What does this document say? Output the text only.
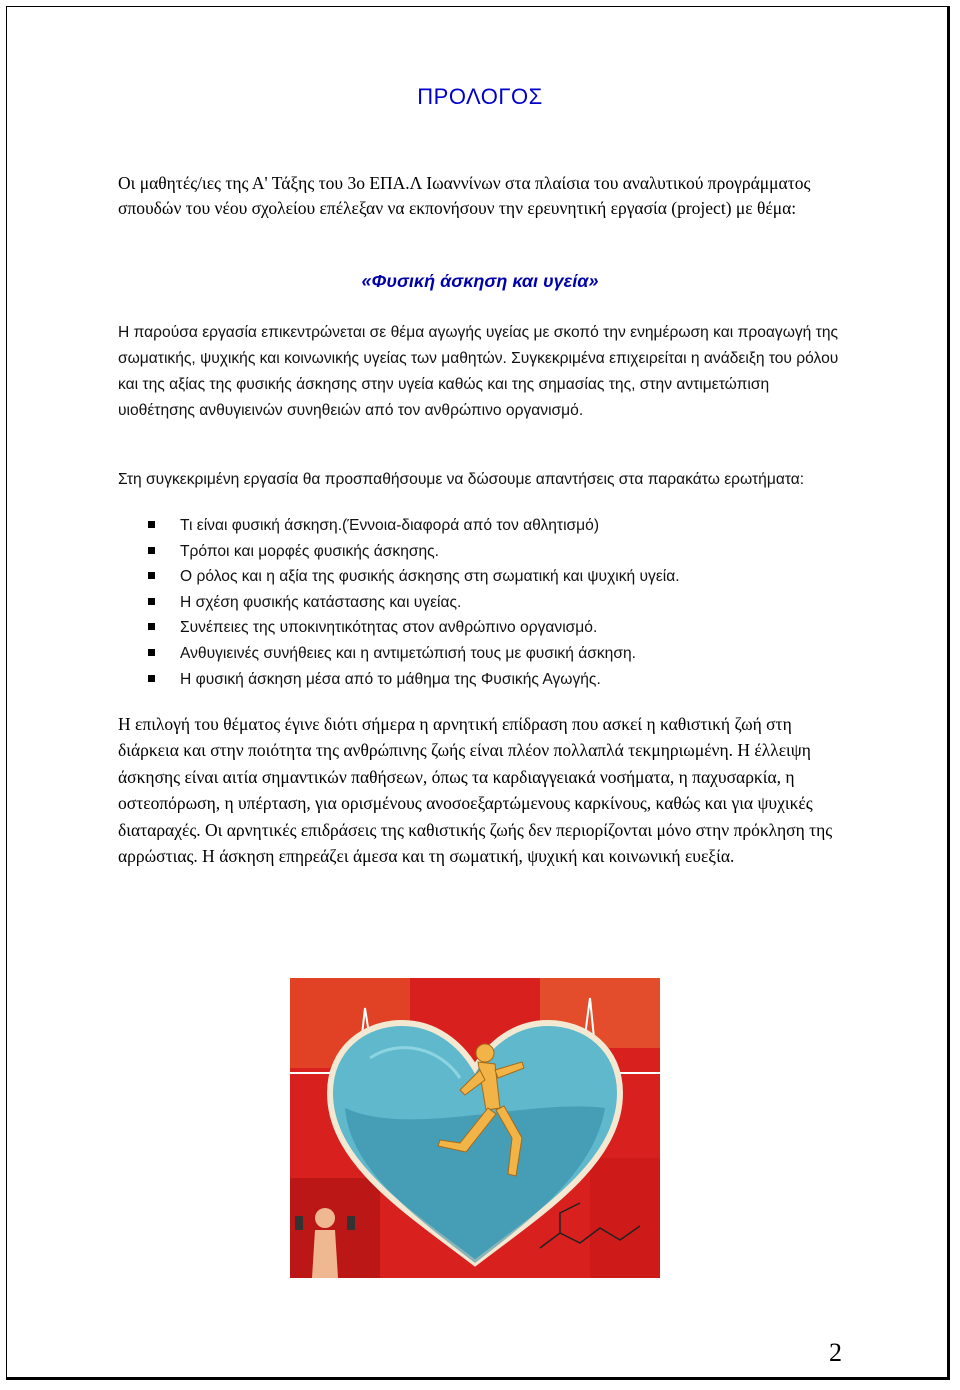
ΠΡΟΛΟΓΟΣ
Οι μαθητές/ιες της Α' Τάξης του 3ο ΕΠΑ.Λ Ιωαννίνων στα πλαίσια του αναλυτικού προγράμματος σπουδών του νέου σχολείου επέλεξαν να εκπονήσουν την ερευνητική εργασία (project) με θέμα:
«Φυσική άσκηση και υγεία»
Η παρούσα εργασία επικεντρώνεται σε θέμα αγωγής υγείας με σκοπό την ενημέρωση και προαγωγή της σωματικής, ψυχικής και κοινωνικής υγείας των μαθητών. Συγκεκριμένα επιχειρείται η ανάδειξη του ρόλου και της αξίας της φυσικής άσκησης στην υγεία καθώς και της σημασίας της, στην αντιμετώπιση υιοθέτησης ανθυγιεινών συνηθειών από τον ανθρώπινο οργανισμό.
Στη συγκεκριμένη εργασία θα προσπαθήσουμε να δώσουμε απαντήσεις στα παρακάτω ερωτήματα:
Τι είναι φυσική άσκηση.(Έννοια-διαφορά από τον αθλητισμό)
Τρόποι και μορφές φυσικής άσκησης.
Ο ρόλος και η αξία της φυσικής άσκησης στη σωματική και ψυχική υγεία.
Η σχέση φυσικής κατάστασης και υγείας.
Συνέπειες της υποκινητικότητας στον ανθρώπινο οργανισμό.
Ανθυγιεινές συνήθειες και η αντιμετώπισή τους με φυσική άσκηση.
Η φυσική άσκηση μέσα από το μάθημα της Φυσικής Αγωγής.
Η επιλογή του θέματος έγινε διότι σήμερα η αρνητική επίδραση που ασκεί η καθιστική ζωή στη διάρκεια και στην ποιότητα της ανθρώπινης ζωής είναι πλέον πολλαπλά τεκμηριωμένη. Η έλλειψη άσκησης είναι αιτία σημαντικών παθήσεων, όπως τα καρδιαγγειακά νοσήματα, η παχυσαρκία, η οστεοπόρωση, η υπέρταση, για ορισμένους ανοσοεξαρτώμενους καρκίνους, καθώς και για ψυχικές διαταραχές. Οι αρνητικές επιδράσεις της καθιστικής ζωής δεν περιορίζονται μόνο στην πρόκληση της αρρώστιας. Η άσκηση επηρεάζει άμεσα και τη σωματική, ψυχική και κοινωνική ευεξία.
2
